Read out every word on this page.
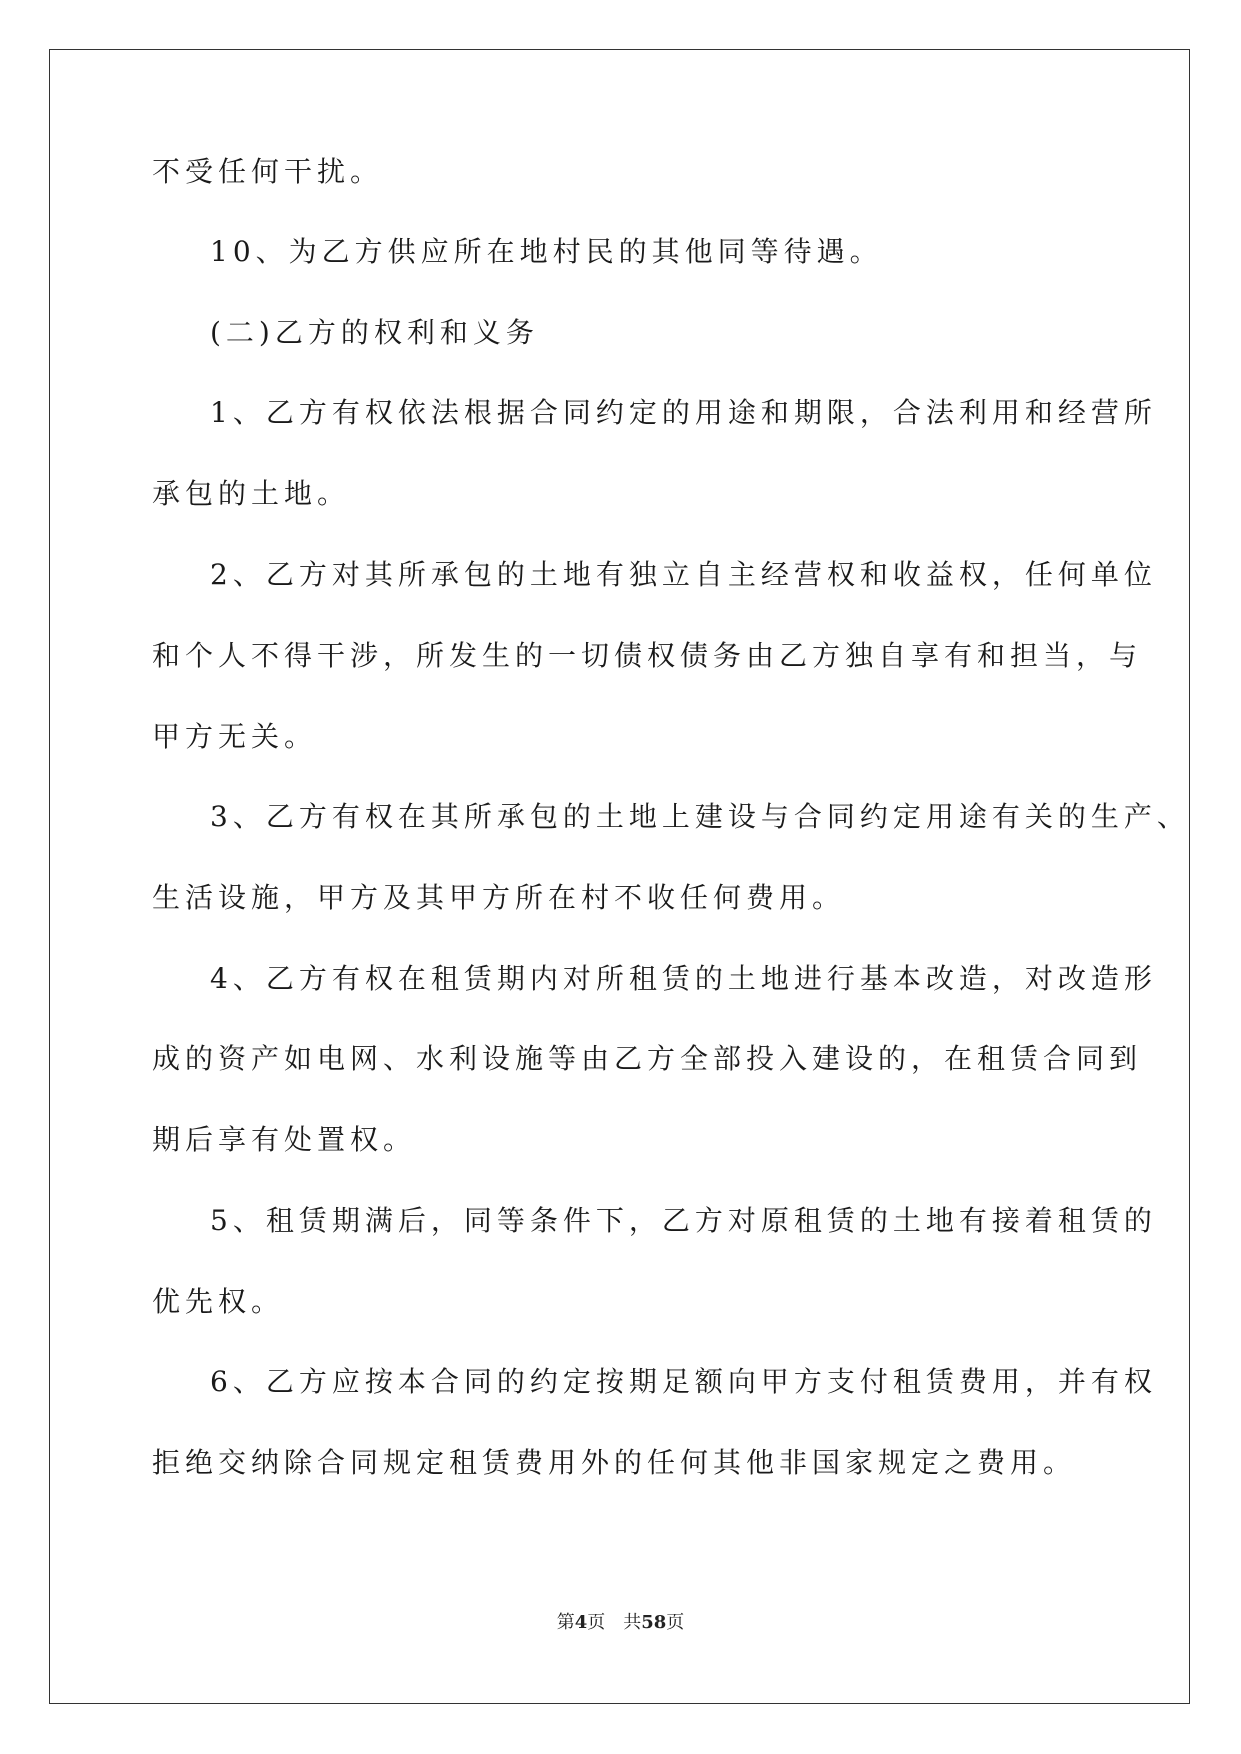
不受任何干扰。
10、为乙方供应所在地村民的其他同等待遇。
(二)乙方的权利和义务
1、乙方有权依法根据合同约定的用途和期限，合法利用和经营所
承包的土地。
2、乙方对其所承包的土地有独立自主经营权和收益权，任何单位
和个人不得干涉，所发生的一切债权债务由乙方独自享有和担当，与
甲方无关。
3、乙方有权在其所承包的土地上建设与合同约定用途有关的生产、
生活设施，甲方及其甲方所在村不收任何费用。
4、乙方有权在租赁期内对所租赁的土地进行基本改造，对改造形
成的资产如电网、水利设施等由乙方全部投入建设的，在租赁合同到
期后享有处置权。
5、租赁期满后，同等条件下，乙方对原租赁的土地有接着租赁的
优先权。
6、乙方应按本合同的约定按期足额向甲方支付租赁费用，并有权
拒绝交纳除合同规定租赁费用外的任何其他非国家规定之费用。
第4页 共58页
